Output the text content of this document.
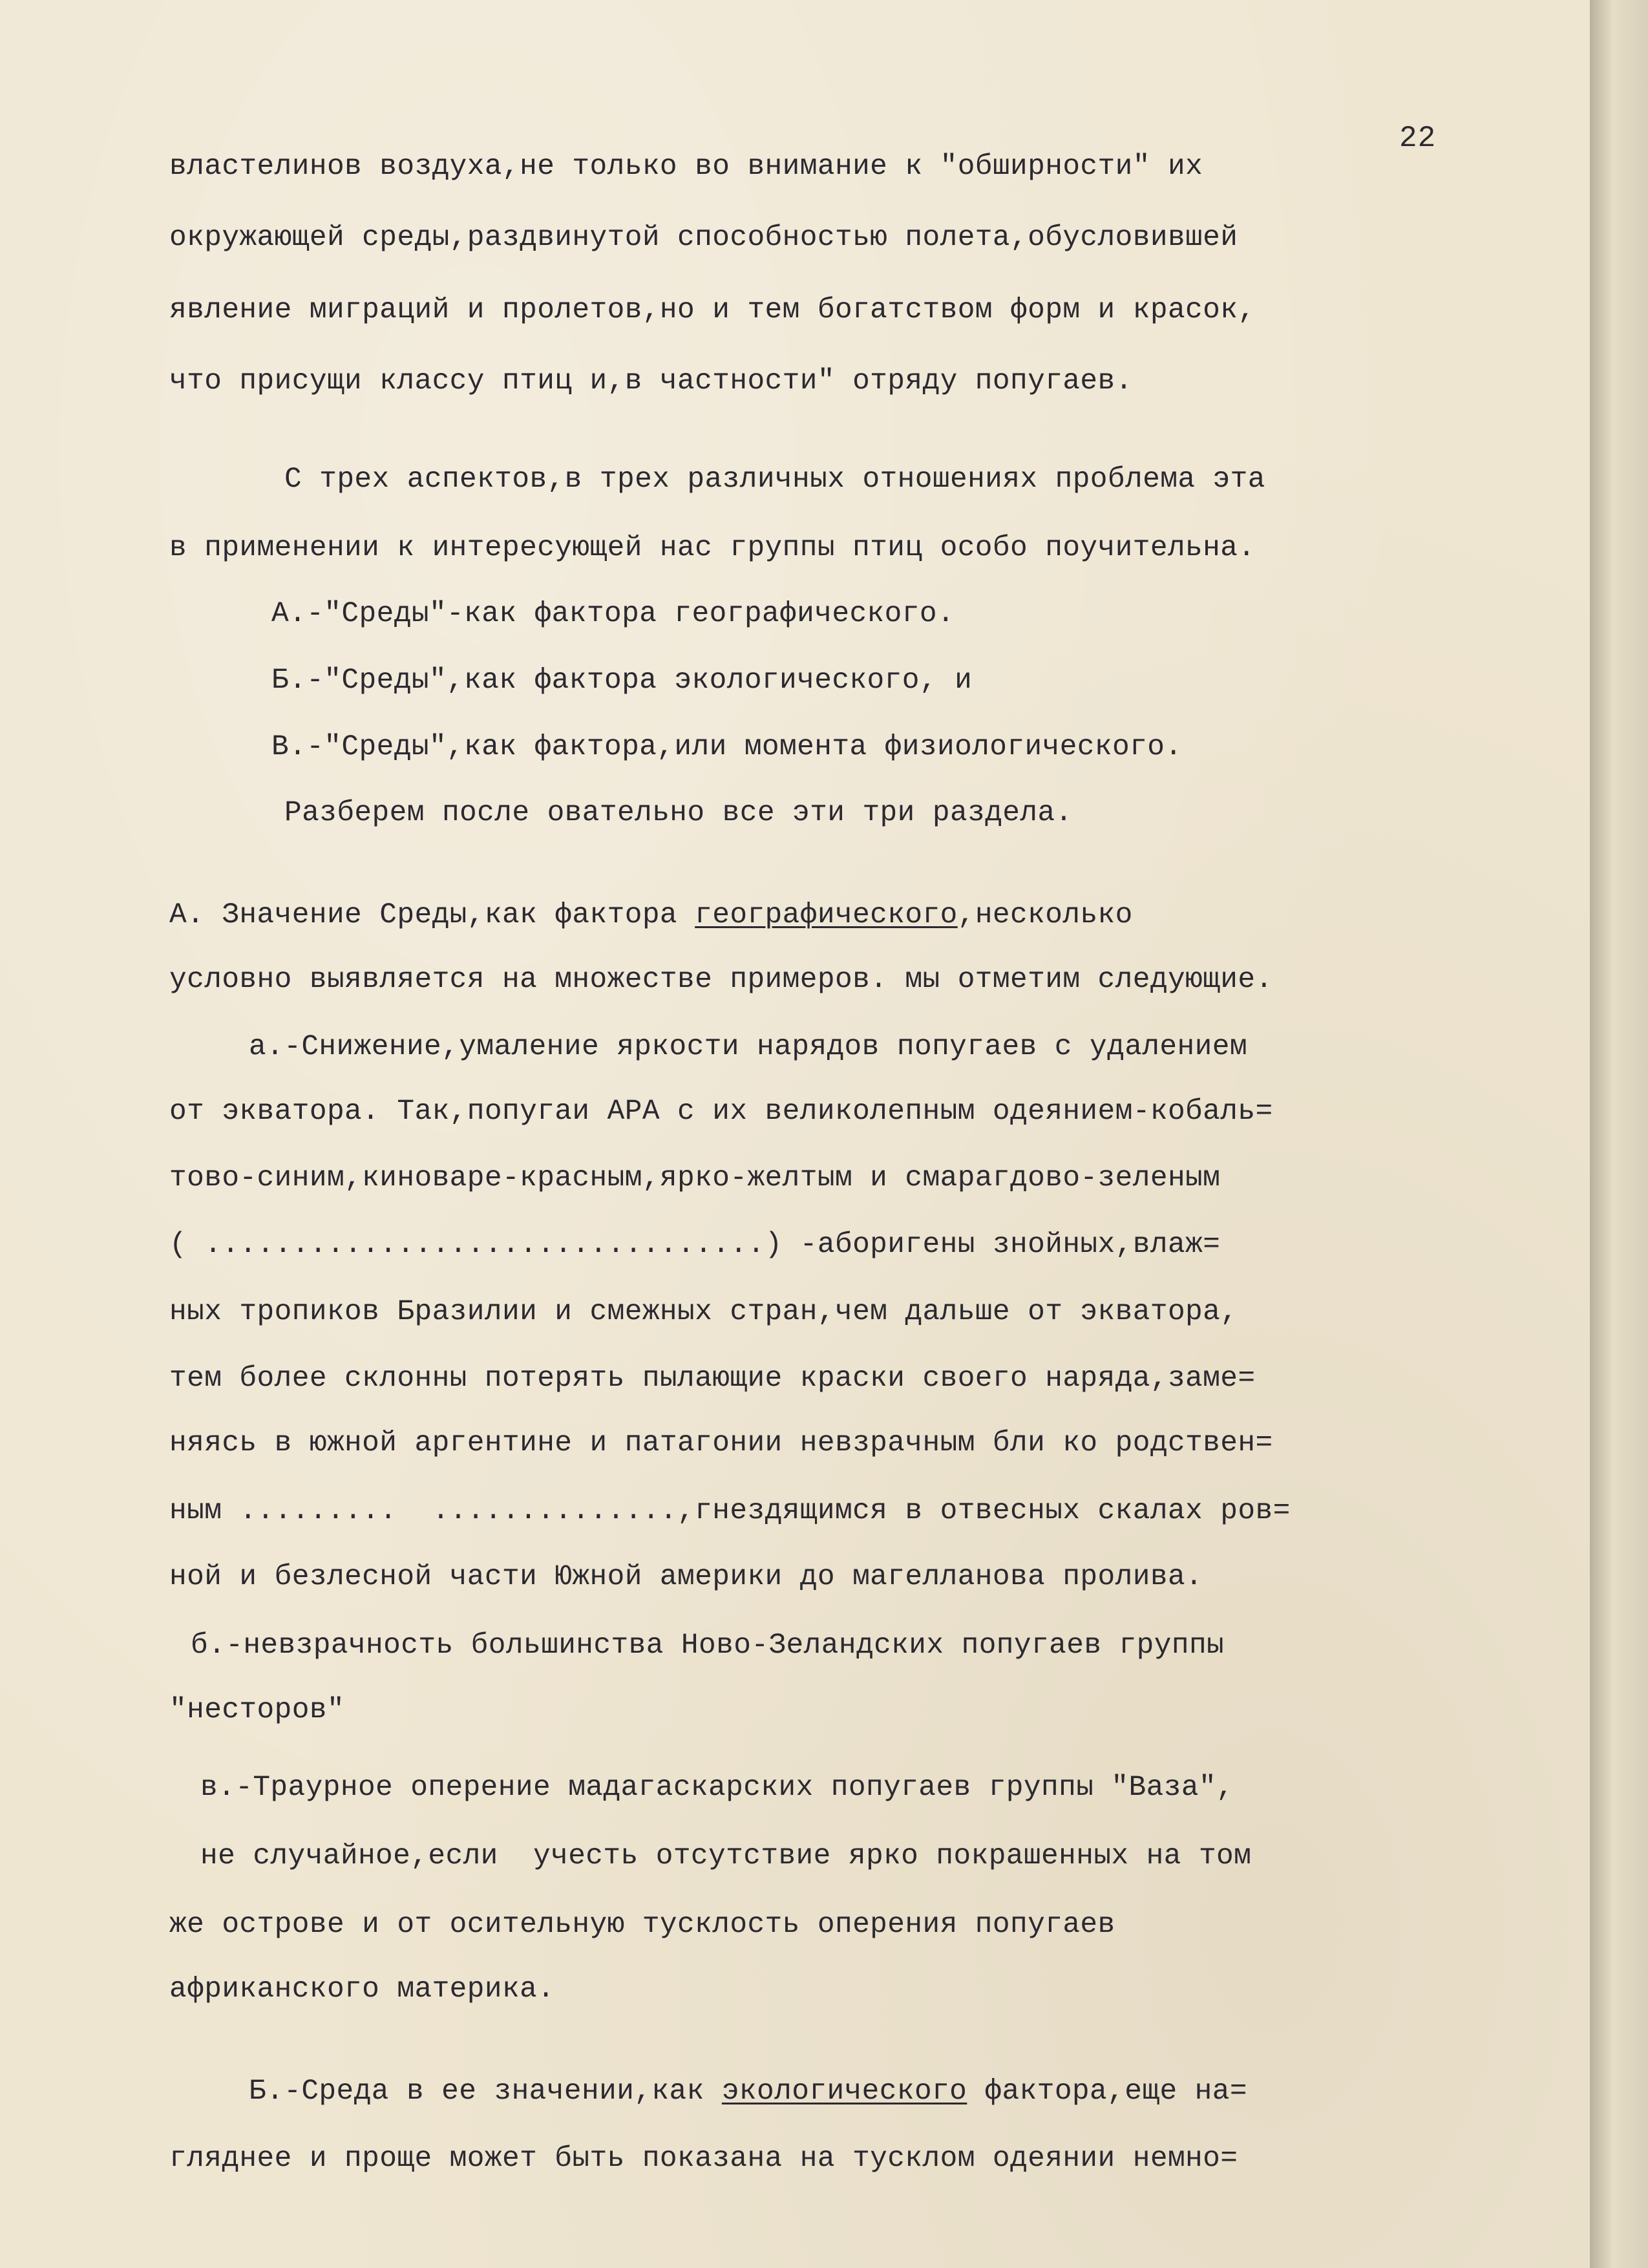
22
властелинов воздуха,не только во внимание к "обширности" их
окружающей среды,раздвинутой способностью полета,обусловившей
явление миграций и пролетов,но и тем богатством форм и красок,
что присущи классу птиц и,в частности" отряду попугаев.
С трех аспектов,в трех различных отношениях проблема эта
в применении к интересующей нас группы птиц особо поучительна.
А.-"Среды"-как фактора географического.
Б.-"Среды",как фактора экологического, и
В.-"Среды",как фактора,или момента физиологического.
Разберем после овательно все эти три раздела.
А. Значение Среды,как фактора географического,несколько
условно выявляется на множестве примеров. мы отметим следующие.
а.-Снижение,умаление яркости нарядов попугаев с удалением
от экватора. Так,попугаи АРА с их великолепным одеянием-кобаль=
тово-синим,киноваре-красным,ярко-желтым и смарагдово-зеленым
( ................................) -аборигены знойных,влаж=
ных тропиков Бразилии и смежных стран,чем дальше от экватора,
тем более склонны потерять пылающие краски своего наряда,заме=
няясь в южной аргентине и патагонии невзрачным бли ко родствен=
ным .........  ..............,гнездящимся в отвесных скалах ров=
ной и безлесной части Южной америки до магелланова пролива.
б.-невзрачность большинства Ново-Зеландских попугаев группы
"несторов"
в.-Траурное оперение мадагаскарских попугаев группы "Ваза",
не случайное,если  учесть отсутствие ярко покрашенных на том
же острове и от осительную тусклость оперения попугаев
африканского материка.
Б.-Среда в ее значении,как экологического фактора,еще на=
гляднее и проще может быть показана на тусклом одеянии немно=
